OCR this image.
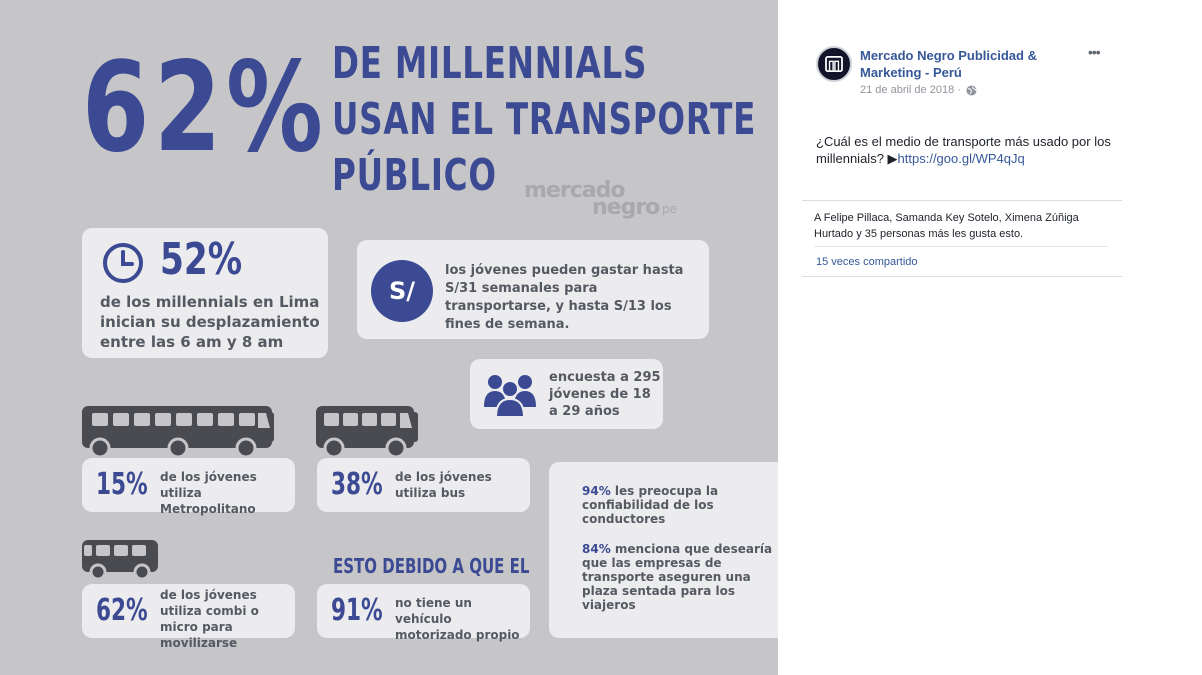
62% DE MILLENNIALS
USAN EL TRANSPORTE
PÚBLICO mercado
negro pe
52%
de los millennials en Lima inician su desplazamiento entre las 6 am y 8 am
S/
los jóvenes pueden gastar hasta S/31 semanales para transportarse, y hasta S/13 los fines de semana.
encuesta a 295 jóvenes de 18 a 29 años
15% de los jóvenes utiliza Metropolitano
38% de los jóvenes utiliza bus
62% de los jóvenes utiliza combi o micro para movilizarse
ESTO DEBIDO A QUE EL
91% no tiene un vehículo motorizado propio
94% les preocupa la confiabilidad de los conductores
84% menciona que desearía que las empresas de transporte aseguren una plaza sentada para los viajeros
Mercado Negro Publicidad & Marketing - Perú
21 de abril de 2018 ·
•••
¿Cuál es el medio de transporte más usado por los millennials? ▶https://goo.gl/WP4qJq
A Felipe Pillaca, Samanda Key Sotelo, Ximena Zúñiga Hurtado y 35 personas más les gusta esto.
15 veces compartido
